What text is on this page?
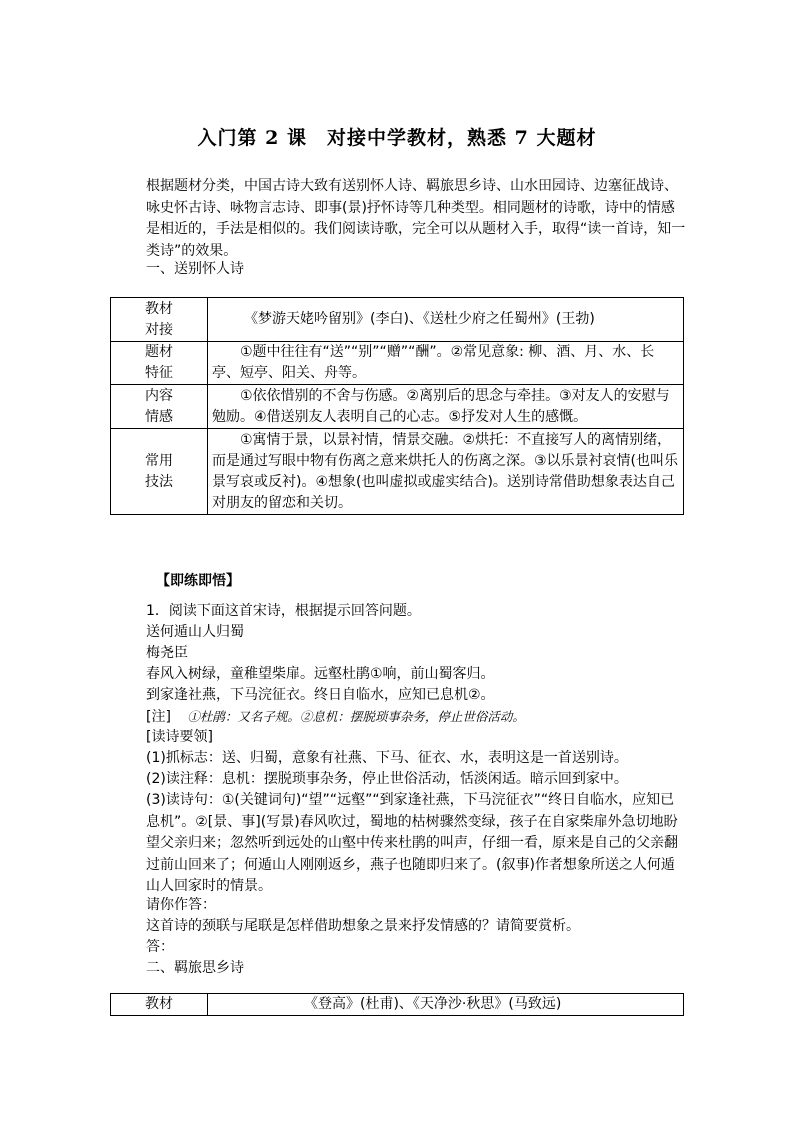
入门第 2 课　对接中学教材，熟悉 7 大题材
根据题材分类，中国古诗大致有送别怀人诗、羁旅思乡诗、山水田园诗、边塞征战诗、咏史怀古诗、咏物言志诗、即事(景)抒怀诗等几种类型。相同题材的诗歌，诗中的情感是相近的，手法是相似的。我们阅读诗歌，完全可以从题材入手，取得“读一首诗，知一类诗”的效果。
一、送别怀人诗
教材
对接	《梦游天姥吟留别》(李白)、《送杜少府之任蜀州》(王勃)

题材
特征	①题中往往有“送”“别”“赠”“酬”。②常见意象: 柳、酒、月、水、长亭、短亭、阳关、舟等。

内容
情感	①依依惜别的不舍与伤感。②离别后的思念与牵挂。③对友人的安慰与勉励。④借送别友人表明自己的心志。⑤抒发对人生的感慨。

常用
技法	①寓情于景，以景衬情，情景交融。②烘托：不直接写人的离情别绪，而是通过写眼中物有伤离之意来烘托人的伤离之深。③以乐景衬哀情(也叫乐景写哀或反衬)。④想象(也叫虚拟或虚实结合)。送别诗常借助想象表达自己对朋友的留恋和关切。
【即练即悟】
1．阅读下面这首宋诗，根据提示回答问题。
送何遁山人归蜀
梅尧臣
春风入树绿，童稚望柴扉。远壑杜鹃①响，前山蜀客归。
到家逢社燕，下马浣征衣。终日自临水，应知已息机②。
[注] ①杜鹃：又名子规。②息机：摆脱琐事杂务，停止世俗活动。
[读诗要领]
(1)抓标志：送、归蜀，意象有社燕、下马、征衣、水，表明这是一首送别诗。
(2)读注释：息机：摆脱琐事杂务，停止世俗活动，恬淡闲适。暗示回到家中。
(3)读诗句：①(关键词句)“望”“远壑”“到家逢社燕，下马浣征衣”“终日自临水，应知已息机”。②[景、事](写景)春风吹过，蜀地的枯树骤然变绿，孩子在自家柴扉外急切地盼望父亲归来；忽然听到远处的山壑中传来杜鹃的叫声，仔细一看，原来是自己的父亲翻过前山回来了；何遁山人刚刚返乡，燕子也随即归来了。(叙事)作者想象所送之人何遁山人回家时的情景。
请你作答：
这首诗的颈联与尾联是怎样借助想象之景来抒发情感的？请简要赏析。
答：
二、羁旅思乡诗
教材	《登高》(杜甫)、《天净沙·秋思》(马致远)
